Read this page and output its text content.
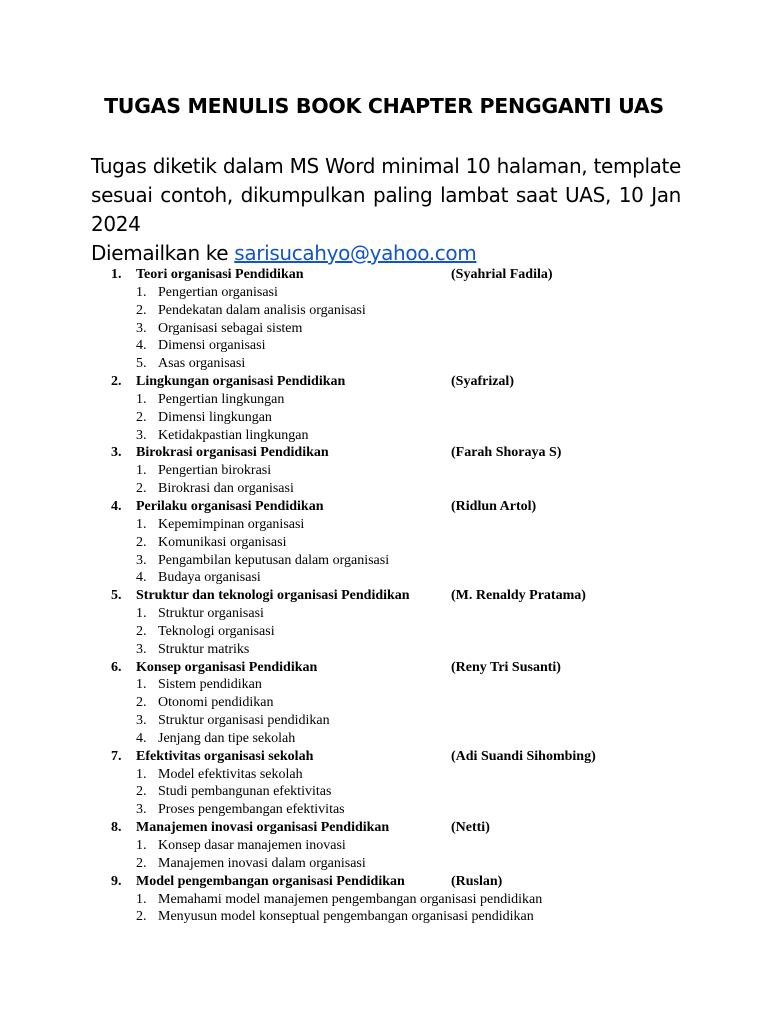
TUGAS MENULIS BOOK CHAPTER PENGGANTI UAS
Tugas diketik dalam MS Word minimal 10 halaman, template
sesuai contoh, dikumpulkan paling lambat saat UAS, 10 Jan 2024
Diemailkan ke sarisucahyo@yahoo.com
1.	Teori organisasi Pendidikan	(Syahrial Fadila)
1. Pengertian organisasi
2. Pendekatan dalam analisis organisasi
3. Organisasi sebagai sistem
4. Dimensi organisasi
5. Asas organisasi
2.	Lingkungan organisasi Pendidikan	(Syafrizal)
1. Pengertian lingkungan
2. Dimensi lingkungan
3. Ketidakpastian lingkungan
3.	Birokrasi organisasi Pendidikan	(Farah Shoraya S)
1. Pengertian birokrasi
2. Birokrasi dan organisasi
4.	Perilaku organisasi Pendidikan	(Ridlun Artol)
1. Kepemimpinan organisasi
2. Komunikasi organisasi
3. Pengambilan keputusan dalam organisasi
4. Budaya organisasi
5.	Struktur dan teknologi organisasi Pendidikan	(M. Renaldy Pratama)
1. Struktur organisasi
2. Teknologi organisasi
3. Struktur matriks
6.	Konsep organisasi Pendidikan	(Reny Tri Susanti)
1. Sistem pendidikan
2. Otonomi pendidikan
3. Struktur organisasi pendidikan
4. Jenjang dan tipe sekolah
7.	Efektivitas organisasi sekolah	(Adi Suandi Sihombing)
1. Model efektivitas sekolah
2. Studi pembangunan efektivitas
3. Proses pengembangan efektivitas
8.	Manajemen inovasi organisasi Pendidikan	(Netti)
1. Konsep dasar manajemen inovasi
2. Manajemen inovasi dalam organisasi
9.	Model pengembangan organisasi Pendidikan	(Ruslan)
1. Memahami model manajemen pengembangan organisasi pendidikan
2. Menyusun model konseptual pengembangan organisasi pendidikan
